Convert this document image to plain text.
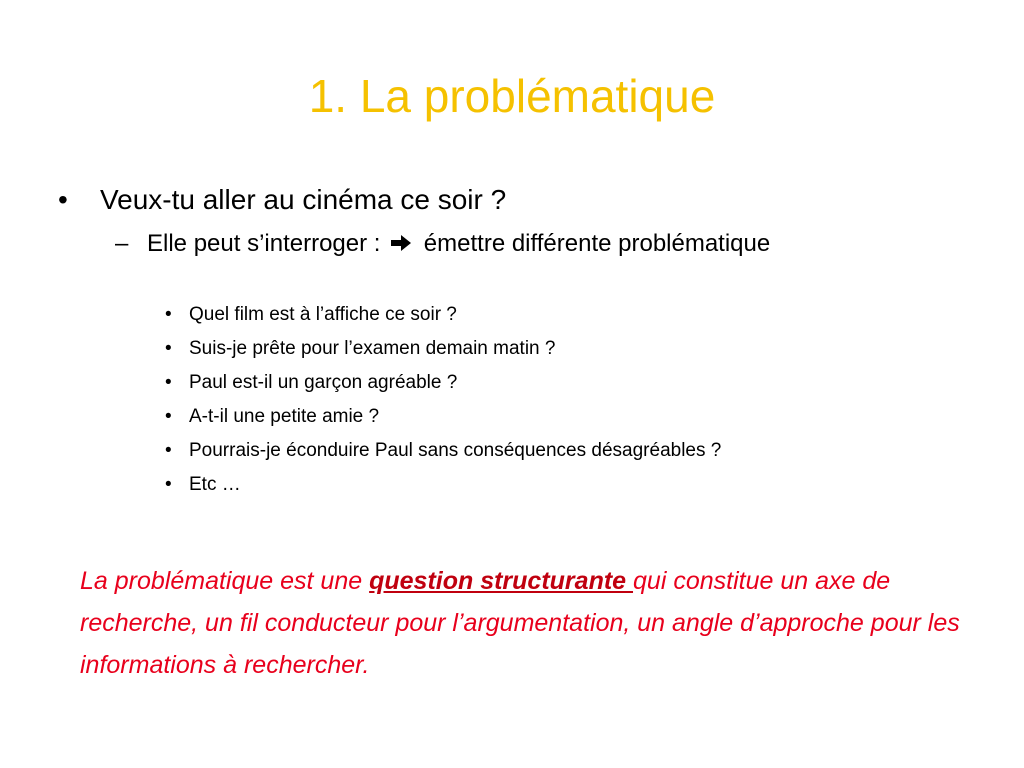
1. La problématique
•	Veux-tu aller au cinéma ce soir ?
– Elle peut s’interroger : émettre différente problématique
• Quel film est à l’affiche ce soir ?
• Suis-je prête pour l’examen demain matin ?
• Paul est-il un garçon agréable ?
• A-t-il une petite amie ?
• Pourrais-je éconduire Paul sans conséquences désagréables ?
• Etc …

La problématique est une question structurante qui constitue un axe de recherche, un fil conducteur pour l’argumentation, un angle d’approche pour les informations à rechercher.
